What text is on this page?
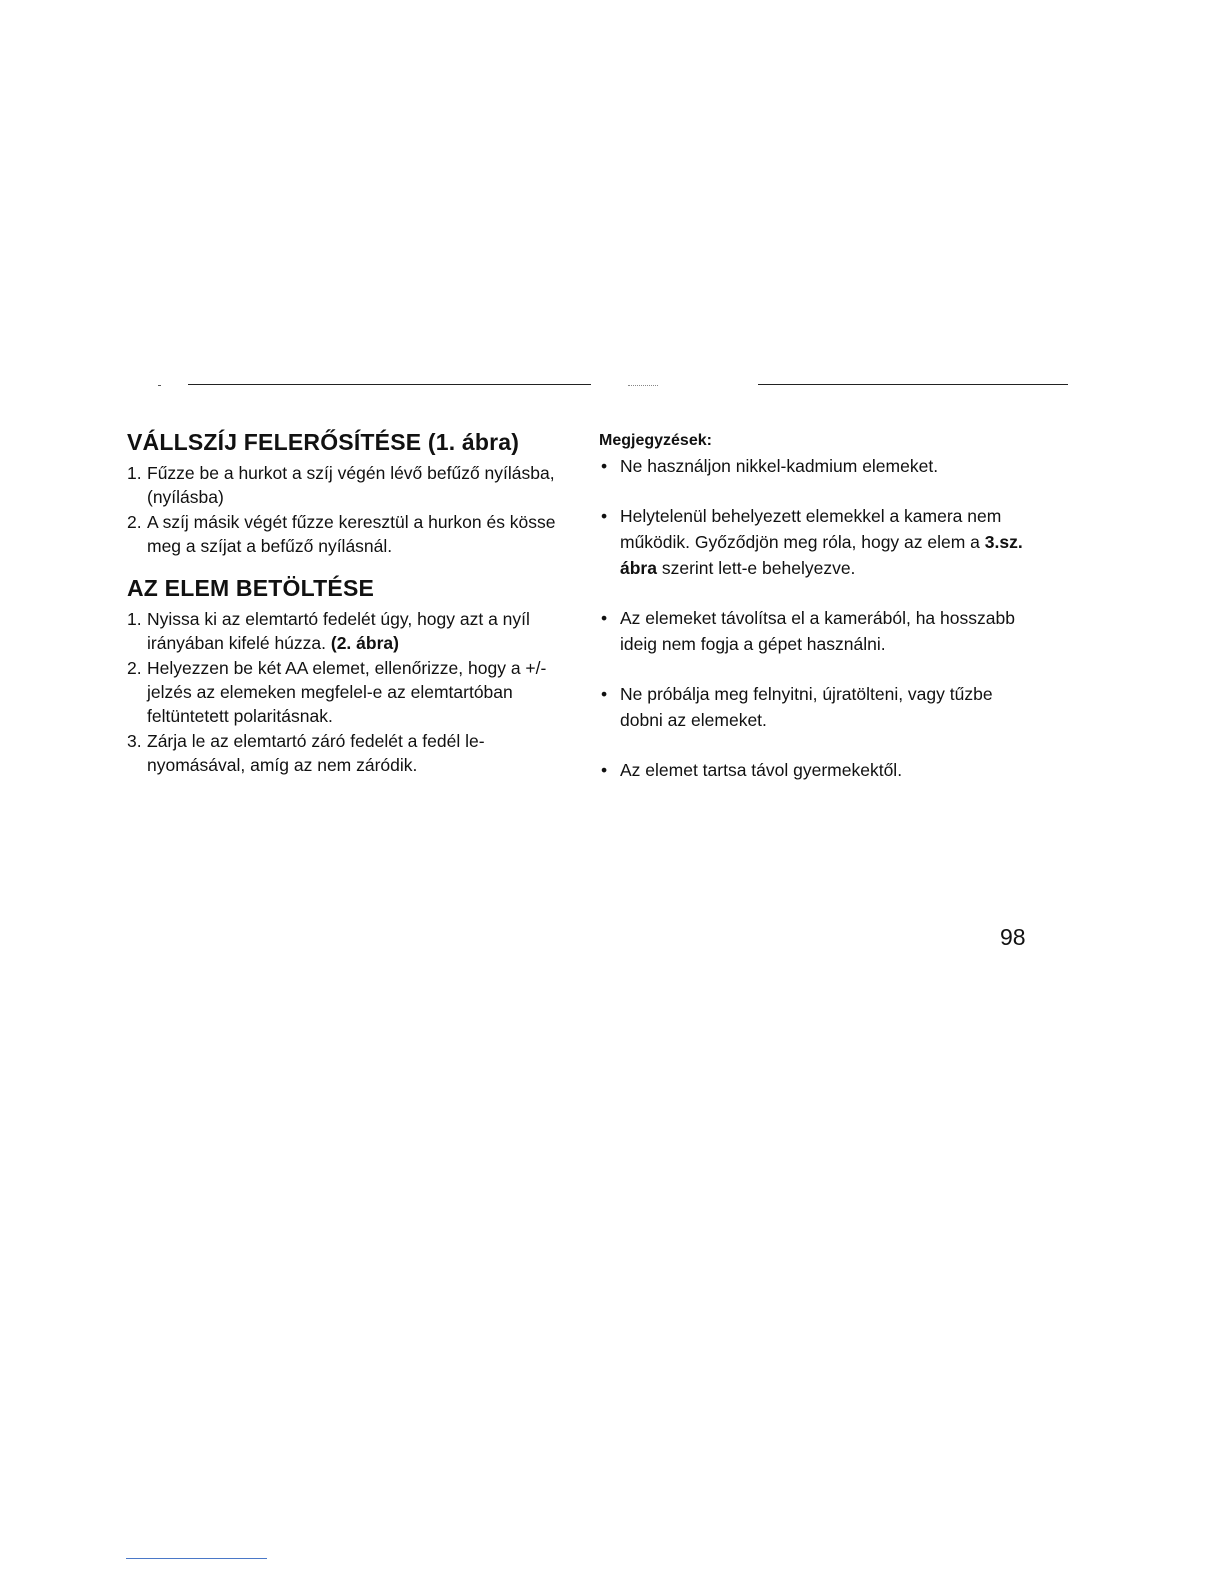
VÁLLSZÍJ FELERŐSÍTÉSE (1. ábra)
1. Fűzze be a hurkot a szíj végén lévő befűző nyílásba, (nyílásba)
2. A szíj másik végét fűzze keresztül a hurkon és kösse meg a szíjat a befűző nyílásnál.
AZ ELEM BETÖLTÉSE
1. Nyissa ki az elemtartó fedelét úgy, hogy azt a nyíl irányában kifelé húzza. (2. ábra)
2. Helyezzen be két AA elemet, ellenőrizze, hogy a +/- jelzés az elemeken megfelel-e az elemtartóban feltüntetett polaritásnak.
3. Zárja le az elemtartó záró fedelét a fedél le-nyomásával, amíg az nem záródik.

Megjegyzések:

• Ne használjon nikkel-kadmium elemeket.
• Helytelenül behelyezett elemekkel a kamera nem működik. Győződjön meg róla, hogy az elem a 3.sz. ábra szerint lett-e behelyezve.
• Az elemeket távolítsa el a kamerából, ha hosszabb ideig nem fogja a gépet használni.
• Ne próbálja meg felnyitni, újratölteni, vagy tűzbe dobni az elemeket.
• Az elemet tartsa távol gyermekektől.
98
